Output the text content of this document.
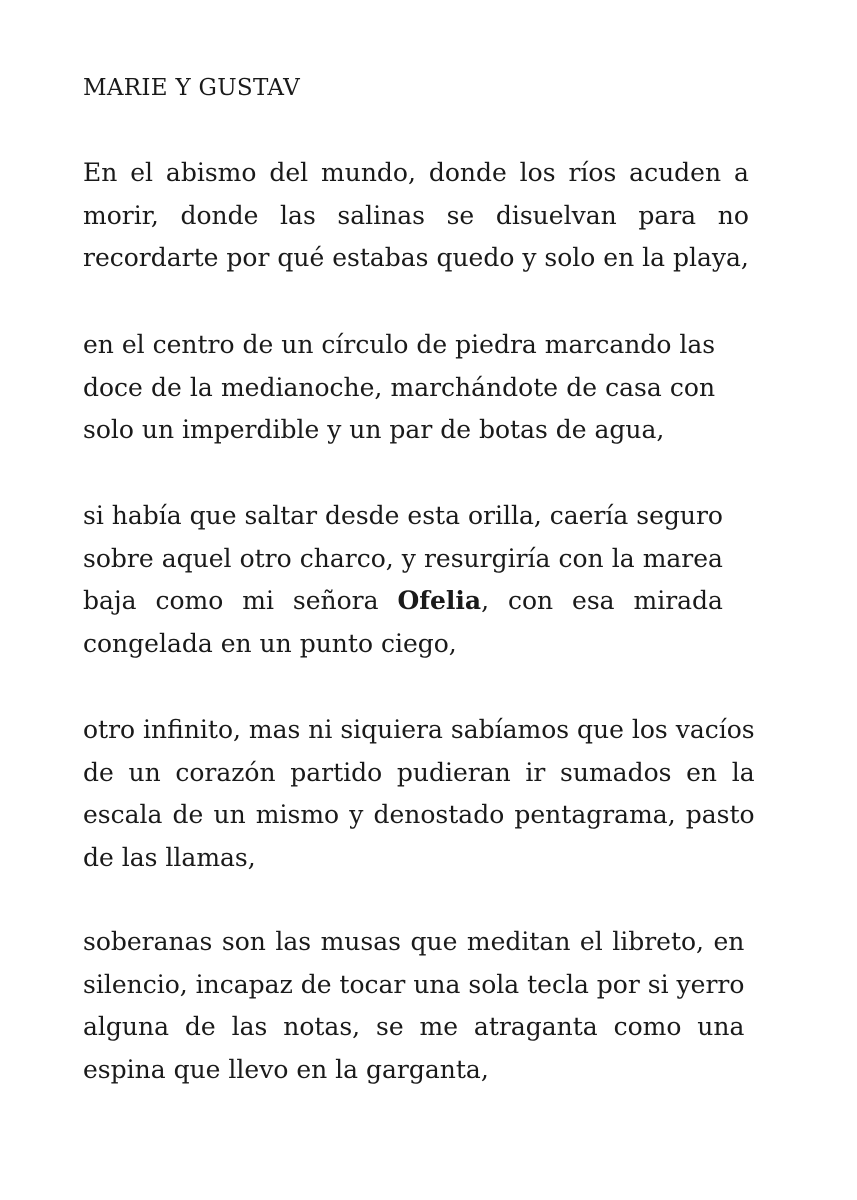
MARIE Y GUSTAV

En el abismo del mundo, donde los ríos acuden a
morir, donde las salinas se disuelvan para no
recordarte por qué estabas quedo y solo en la playa,

en el centro de un círculo de piedra marcando las
doce de la medianoche, marchándote de casa con
solo un imperdible y un par de botas de agua,

si había que saltar desde esta orilla, caería seguro
sobre aquel otro charco, y resurgiría con la marea
baja como mi señora Ofelia, con esa mirada
congelada en un punto ciego,

otro infinito, mas ni siquiera sabíamos que los vacíos
de un corazón partido pudieran ir sumados en la
escala de un mismo y denostado pentagrama, pasto
de las llamas,

soberanas son las musas que meditan el libreto, en
silencio, incapaz de tocar una sola tecla por si yerro
alguna de las notas, se me atraganta como una
espina que llevo en la garganta,
